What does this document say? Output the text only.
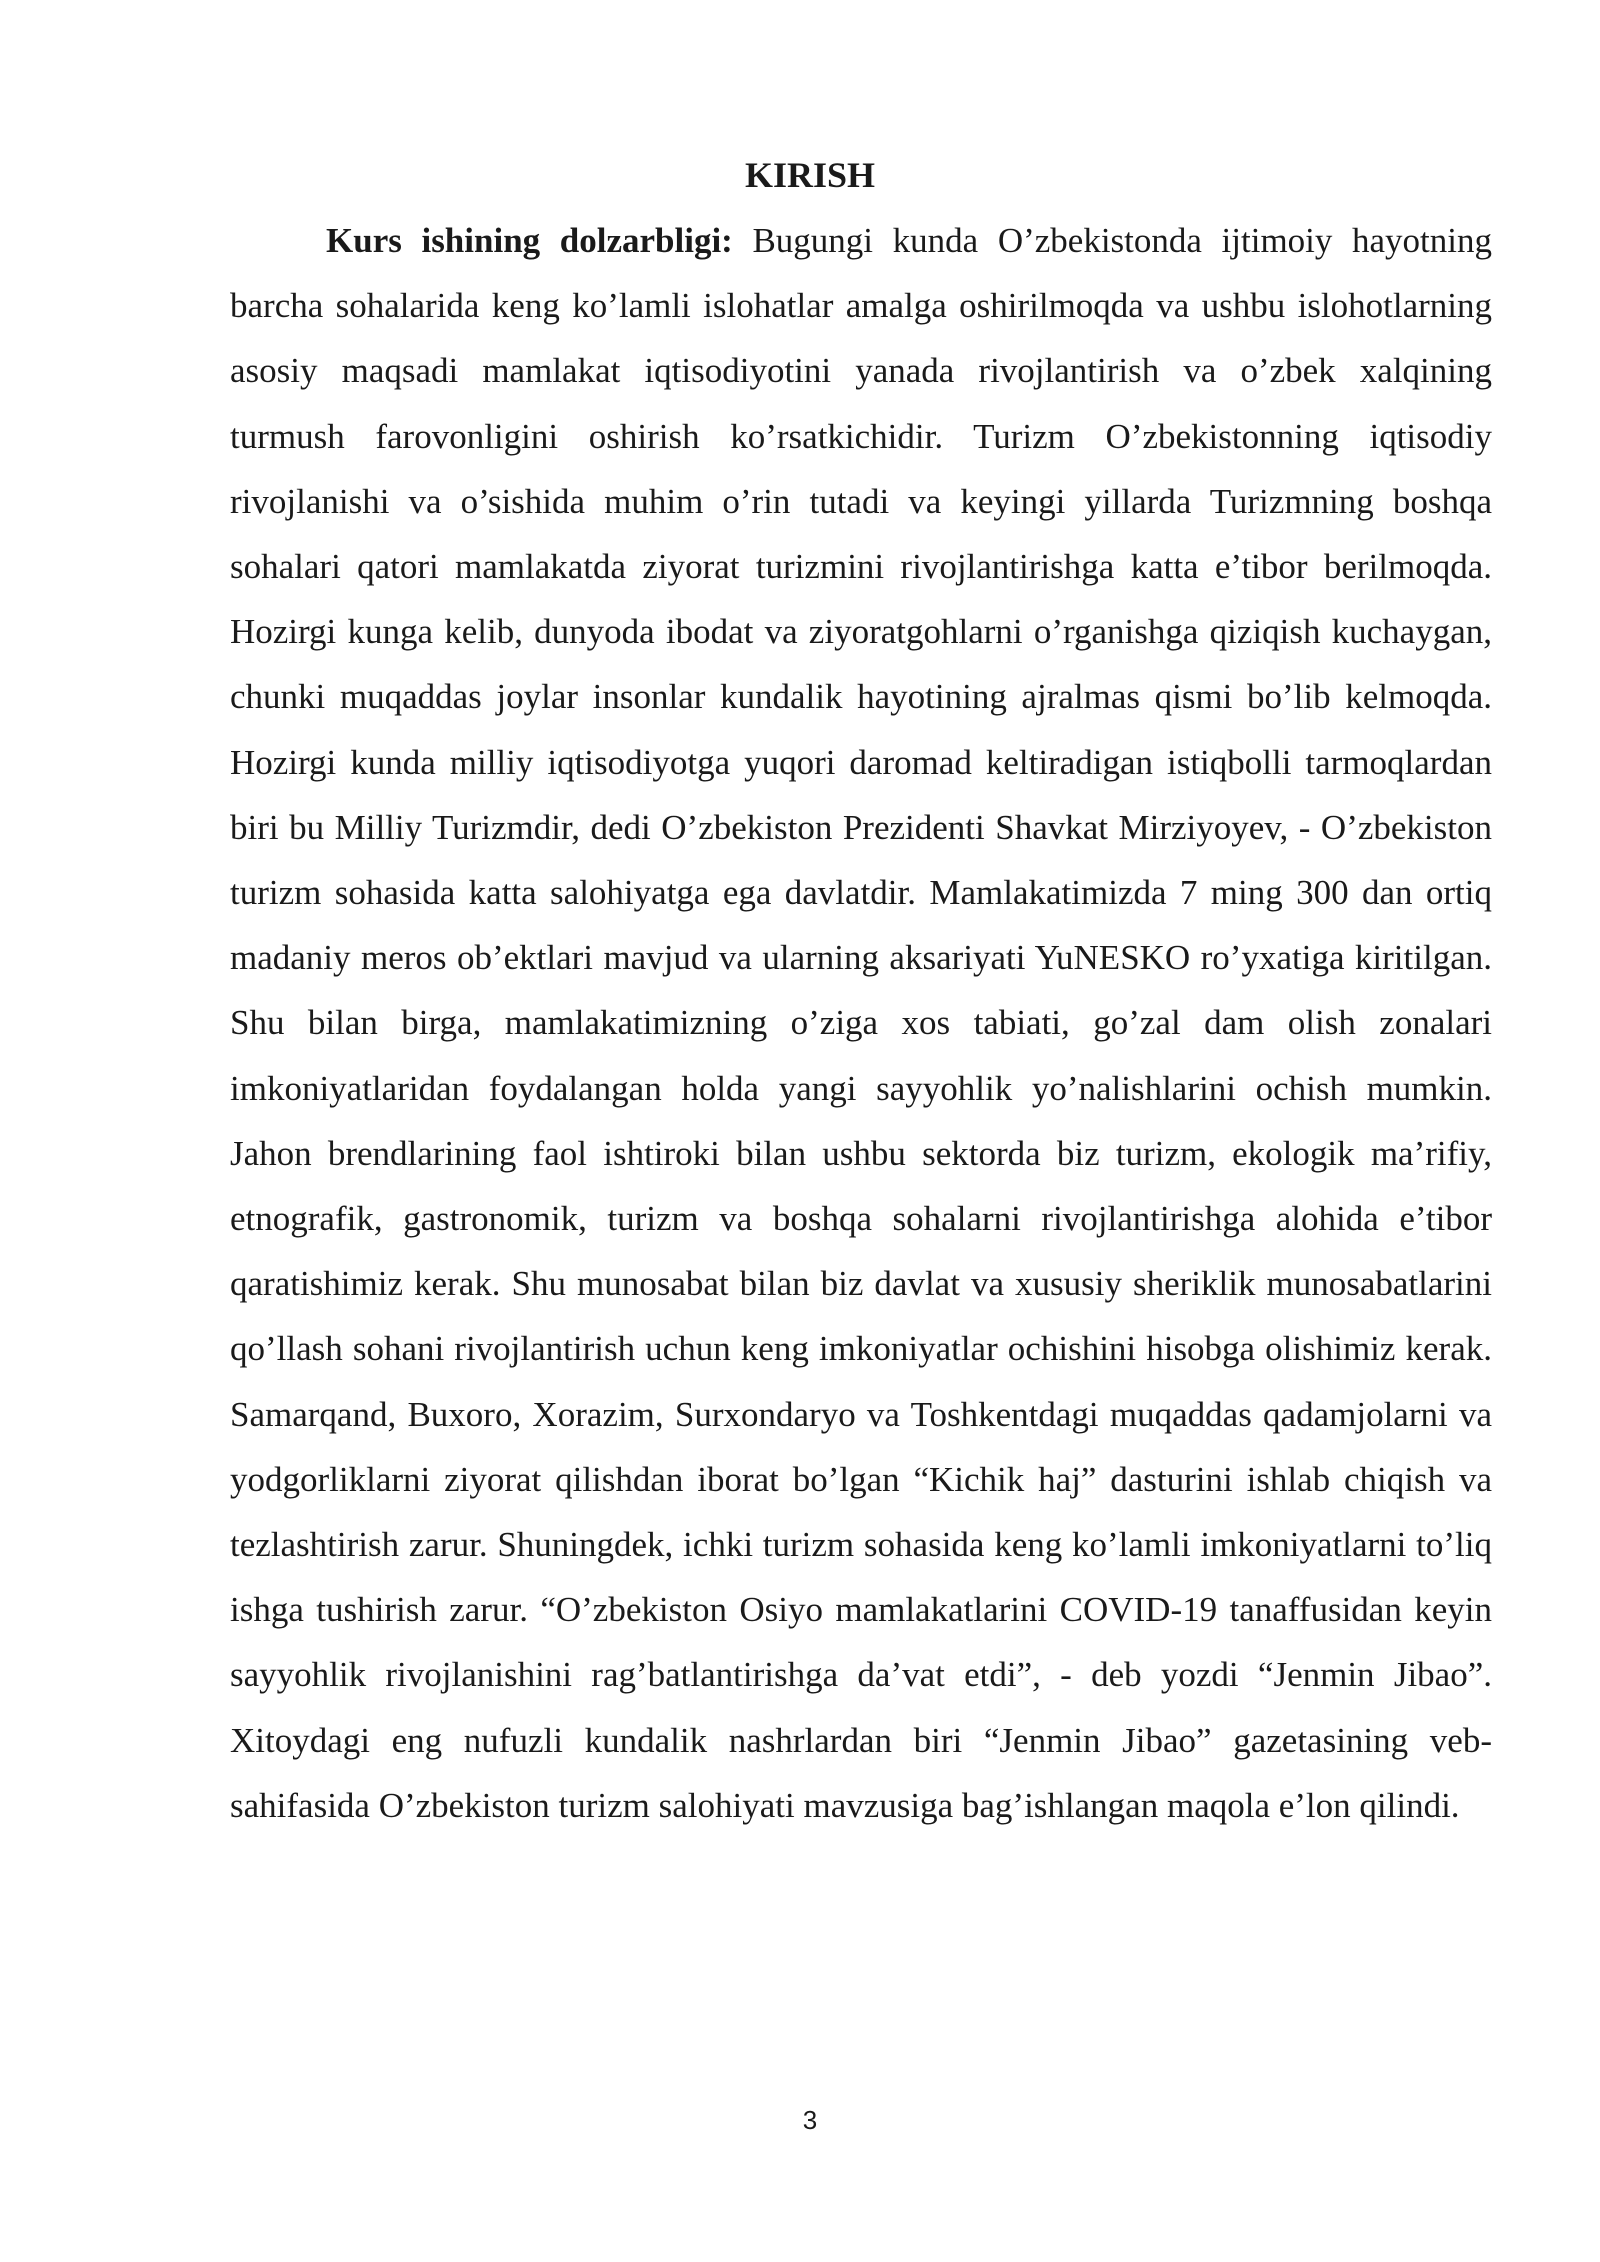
KIRISH

Kurs ishining dolzarbligi: Bugungi kunda O’zbekistonda ijtimoiy hayotning barcha sohalarida keng ko’lamli islohatlar amalga oshirilmoqda va ushbu islohotlarning asosiy maqsadi mamlakat iqtisodiyotini yanada rivojlantirish va o’zbek xalqining turmush farovonligini oshirish ko’rsatkichidir. Turizm O’zbekistonning iqtisodiy rivojlanishi va o’sishida muhim o’rin tutadi va keyingi yillarda Turizmning boshqa sohalari qatori mamlakatda ziyorat turizmini rivojlantirishga katta e’tibor berilmoqda. Hozirgi kunga kelib, dunyoda ibodat va ziyoratgohlarni o’rganishga qiziqish kuchaygan, chunki muqaddas joylar insonlar kundalik hayotining ajralmas qismi bo’lib kelmoqda. Hozirgi kunda milliy iqtisodiyotga yuqori daromad keltiradigan istiqbolli tarmoqlardan biri bu Milliy Turizmdir, dedi O’zbekiston Prezidenti Shavkat Mirziyoyev, - O’zbekiston turizm sohasida katta salohiyatga ega davlatdir. Mamlakatimizda 7 ming 300 dan ortiq madaniy meros ob’ektlari mavjud va ularning aksariyati YuNESKO ro’yxatiga kiritilgan. Shu bilan birga, mamlakatimizning o’ziga xos tabiati, go’zal dam olish zonalari imkoniyatlaridan foydalangan holda yangi sayyohlik yo’nalishlarini ochish mumkin. Jahon brendlarining faol ishtiroki bilan ushbu sektorda biz turizm, ekologik ma’rifiy, etnografik, gastronomik, turizm va boshqa sohalarni rivojlantirishga alohida e’tibor qaratishimiz kerak. Shu munosabat bilan biz davlat va xususiy sheriklik munosabatlarini qo’llash sohani rivojlantirish uchun keng imkoniyatlar ochishini hisobga olishimiz kerak. Samarqand, Buxoro, Xorazim, Surxondaryo va Toshkentdagi muqaddas qadamjolarni va yodgorliklarni ziyorat qilishdan iborat bo’lgan “Kichik haj” dasturini ishlab chiqish va tezlashtirish zarur. Shuningdek, ichki turizm sohasida keng ko’lamli imkoniyatlarni to’liq ishga tushirish zarur. “O’zbekiston Osiyo mamlakatlarini COVID-19 tanaffusidan keyin sayyohlik rivojlanishini rag’batlantirishga da’vat etdi”, - deb yozdi “Jenmin Jibao”. Xitoydagi eng nufuzli kundalik nashrlardan biri “Jenmin Jibao” gazetasining veb-sahifasida O’zbekiston turizm salohiyati mavzusiga bag’ishlangan maqola e’lon qilindi.

3
